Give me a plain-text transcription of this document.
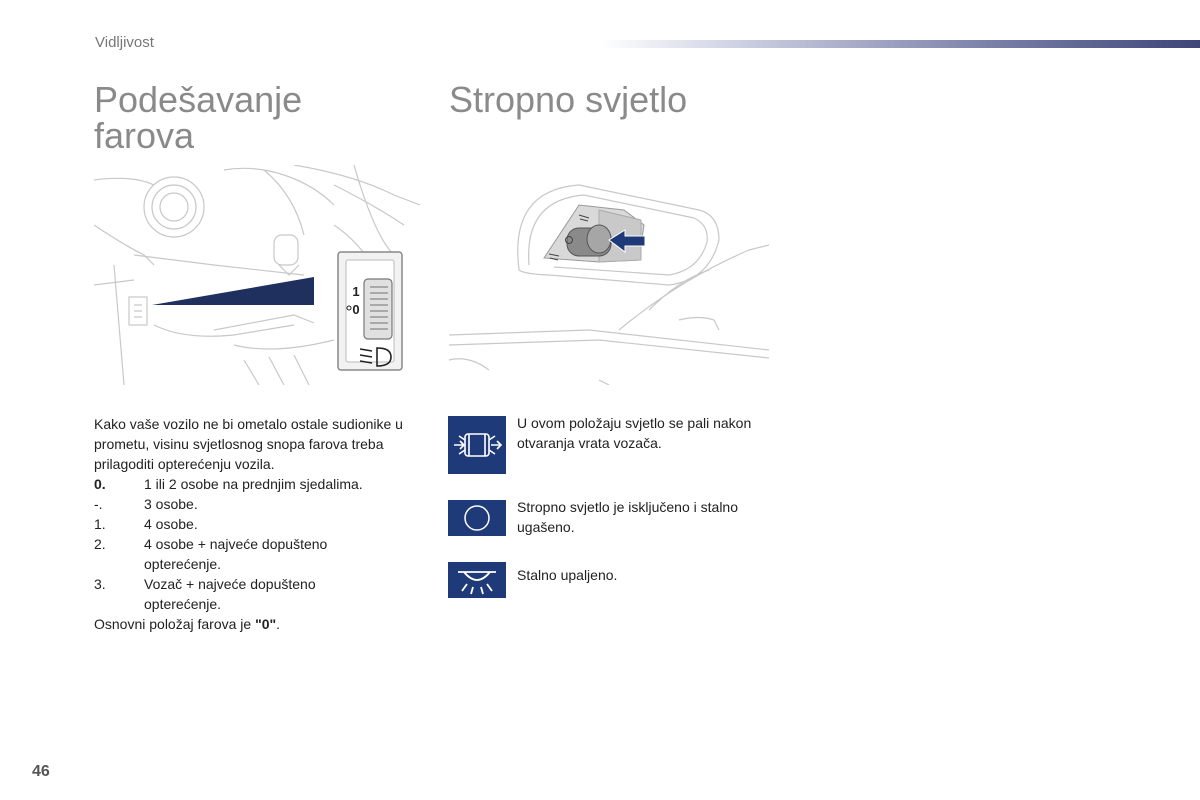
Vidljivost
Podešavanje farova
Stropno svjetlo
1
0
Kako vaše vozilo ne bi ometalo ostale sudionike u prometu, visinu svjetlosnog snopa farova treba prilagoditi opterećenju vozila.
0.	1 ili 2 osobe na prednjim sjedalima.
-.	3 osobe.
1.	4 osobe.
2.	4 osobe + najveće dopušteno
opterećenje.
3.	Vozač + najveće dopušteno
opterećenje.
Osnovni položaj farova je "0".
U ovom položaju svjetlo se pali nakon otvaranja vrata vozača.
Stropno svjetlo je isključeno i stalno ugašeno.
Stalno upaljeno.
46
